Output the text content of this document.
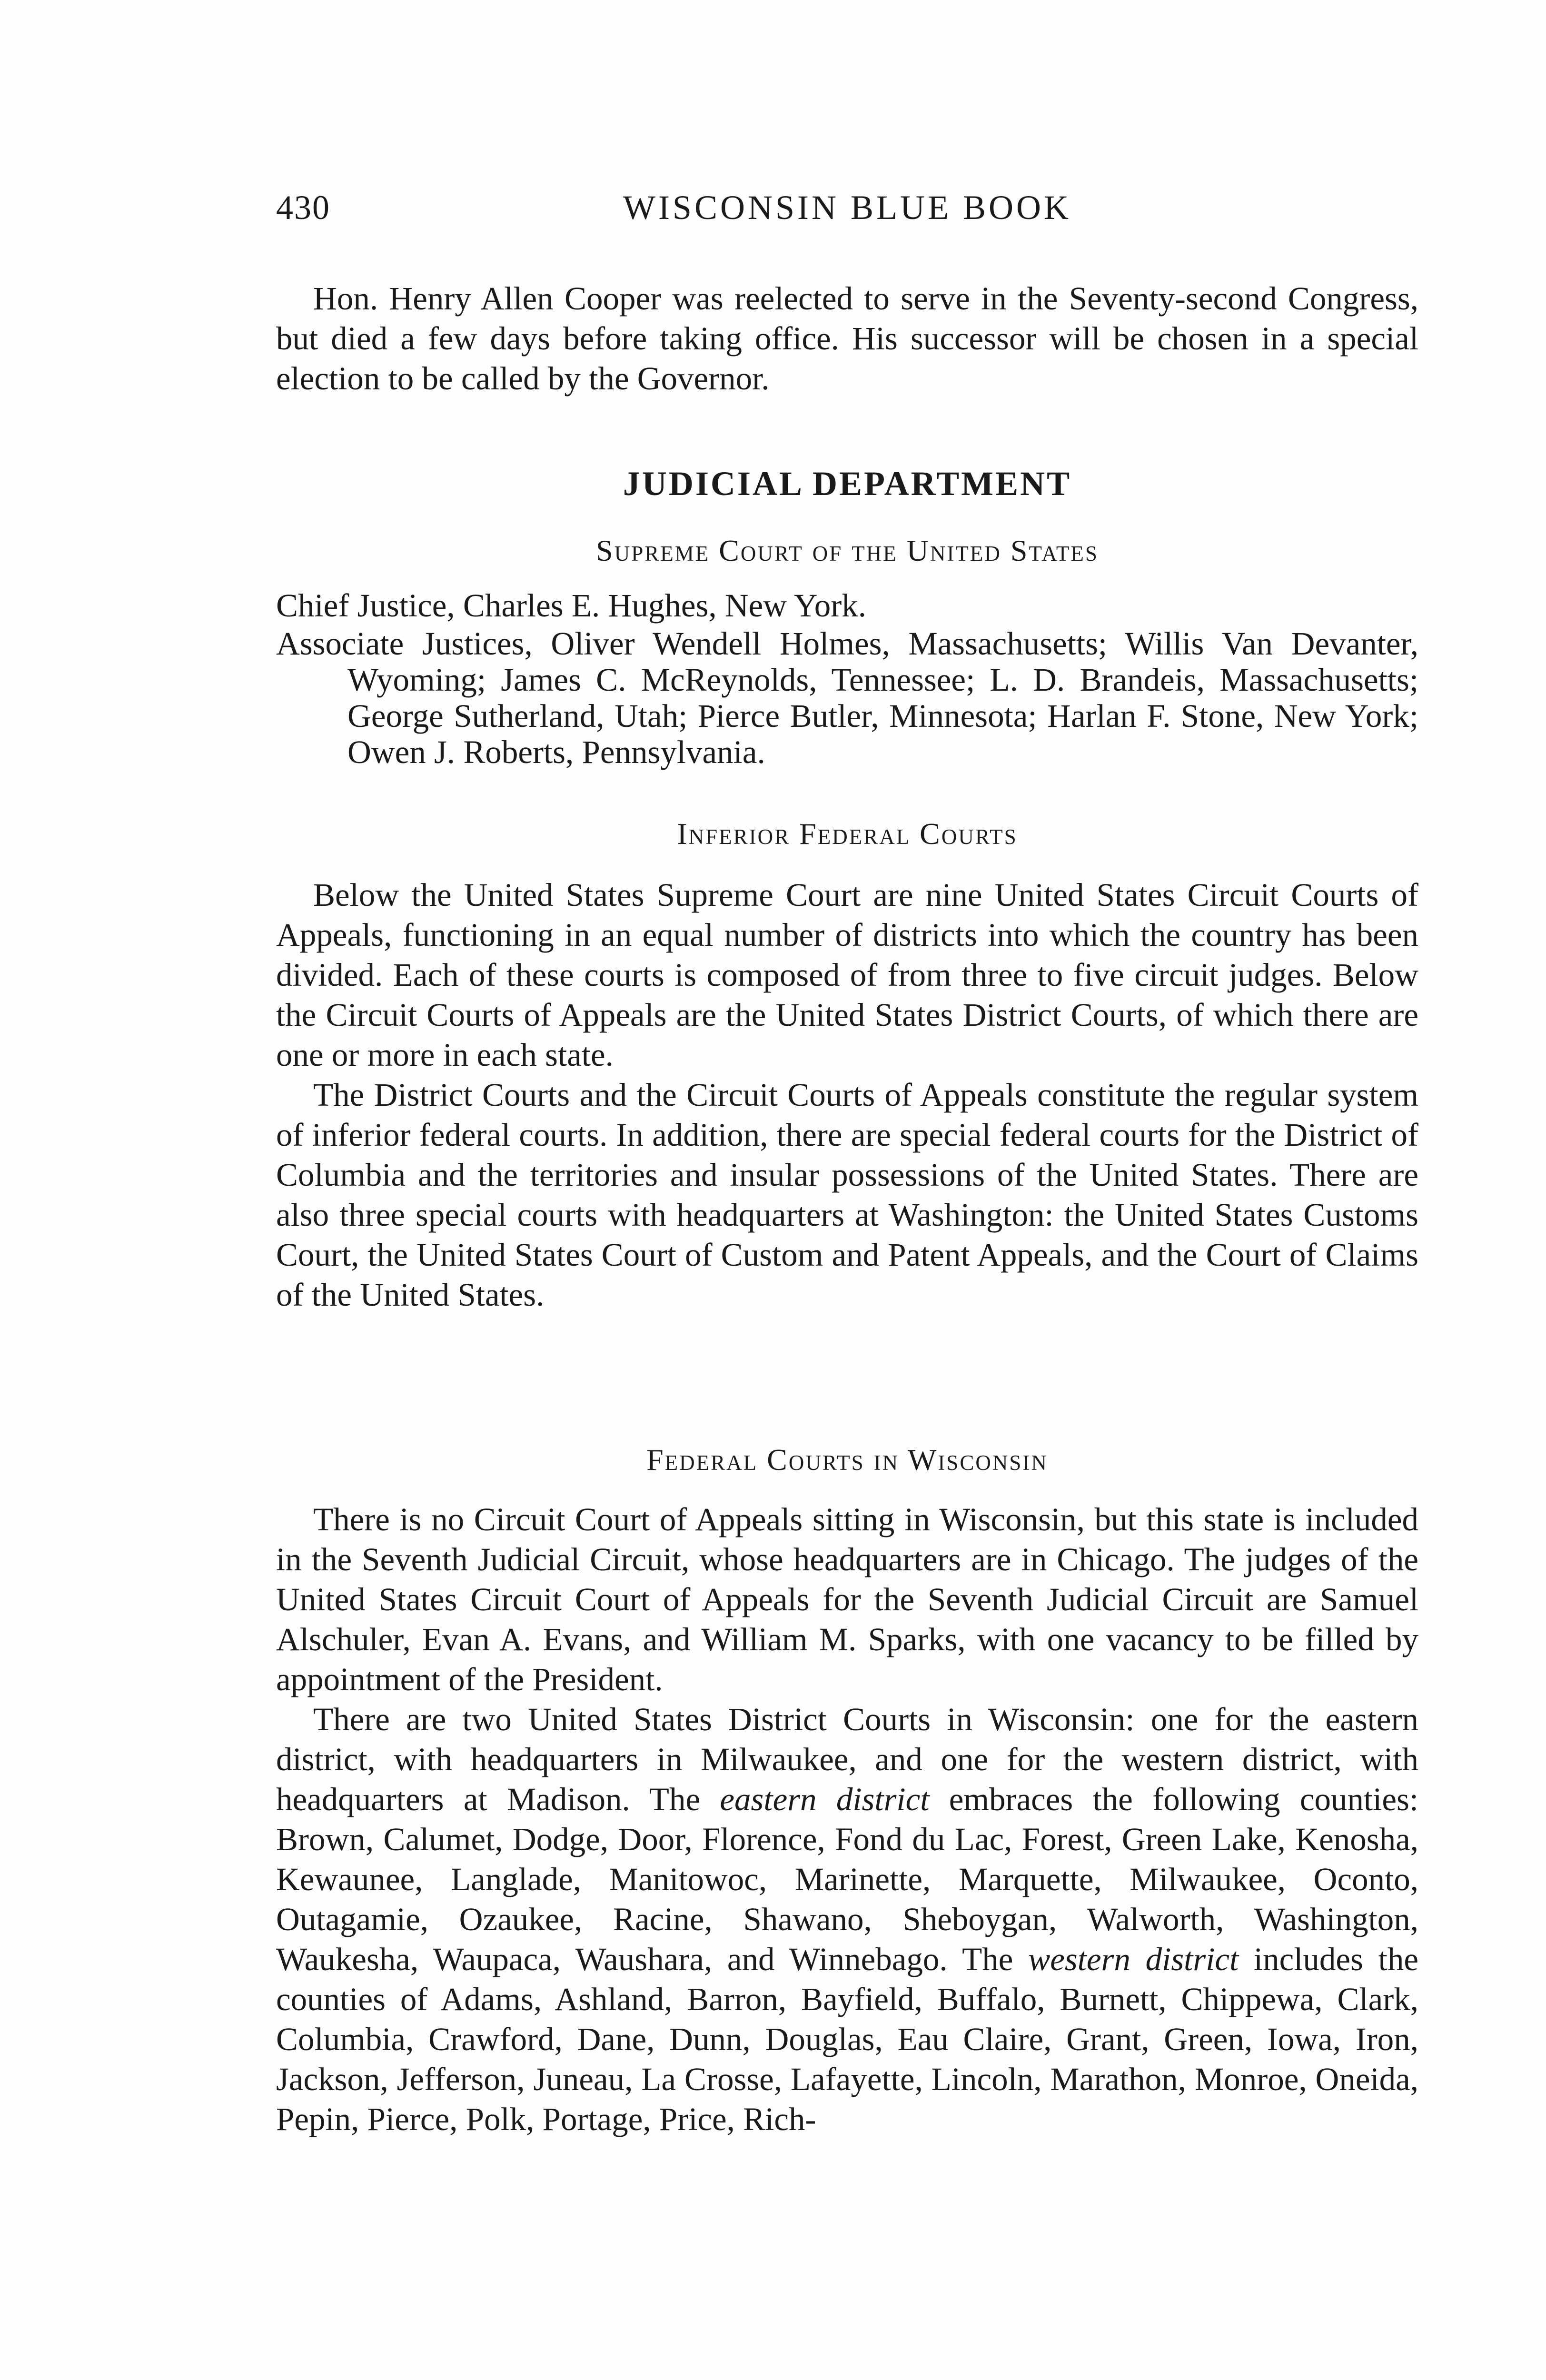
430	WISCONSIN BLUE BOOK

Hon. Henry Allen Cooper was reelected to serve in the Seventy-second Congress, but died a few days before taking office. His successor will be chosen in a special election to be called by the Governor.

JUDICIAL DEPARTMENT
Supreme Court of the United States
Chief Justice, Charles E. Hughes, New York.
Associate Justices, Oliver Wendell Holmes, Massachusetts; Willis Van Devanter, Wyoming; James C. McReynolds, Tennessee; L. D. Brandeis, Massachusetts; George Sutherland, Utah; Pierce Butler, Minnesota; Harlan F. Stone, New York; Owen J. Roberts, Pennsylvania.
Inferior Federal Courts

Below the United States Supreme Court are nine United States Circuit Courts of Appeals, functioning in an equal number of districts into which the country has been divided. Each of these courts is composed of from three to five circuit judges. Below the Circuit Courts of Appeals are the United States District Courts, of which there are one or more in each state.

The District Courts and the Circuit Courts of Appeals constitute the regular system of inferior federal courts. In addition, there are special federal courts for the District of Columbia and the territories and insular possessions of the United States. There are also three special courts with headquarters at Washington: the United States Customs Court, the United States Court of Custom and Patent Appeals, and the Court of Claims of the United States.

Federal Courts in Wisconsin

There is no Circuit Court of Appeals sitting in Wisconsin, but this state is included in the Seventh Judicial Circuit, whose headquarters are in Chicago. The judges of the United States Circuit Court of Appeals for the Seventh Judicial Circuit are Samuel Alschuler, Evan A. Evans, and William M. Sparks, with one vacancy to be filled by appointment of the President.

There are two United States District Courts in Wisconsin: one for the eastern district, with headquarters in Milwaukee, and one for the western district, with headquarters at Madison. The eastern district embraces the following counties: Brown, Calumet, Dodge, Door, Florence, Fond du Lac, Forest, Green Lake, Kenosha, Kewaunee, Langlade, Manitowoc, Marinette, Marquette, Milwaukee, Oconto, Outagamie, Ozaukee, Racine, Shawano, Sheboygan, Walworth, Washington, Waukesha, Waupaca, Waushara, and Winnebago. The western district includes the counties of Adams, Ashland, Barron, Bayfield, Buffalo, Burnett, Chippewa, Clark, Columbia, Crawford, Dane, Dunn, Douglas, Eau Claire, Grant, Green, Iowa, Iron, Jackson, Jefferson, Juneau, La Crosse, Lafayette, Lincoln, Marathon, Monroe, Oneida, Pepin, Pierce, Polk, Portage, Price, Rich-
